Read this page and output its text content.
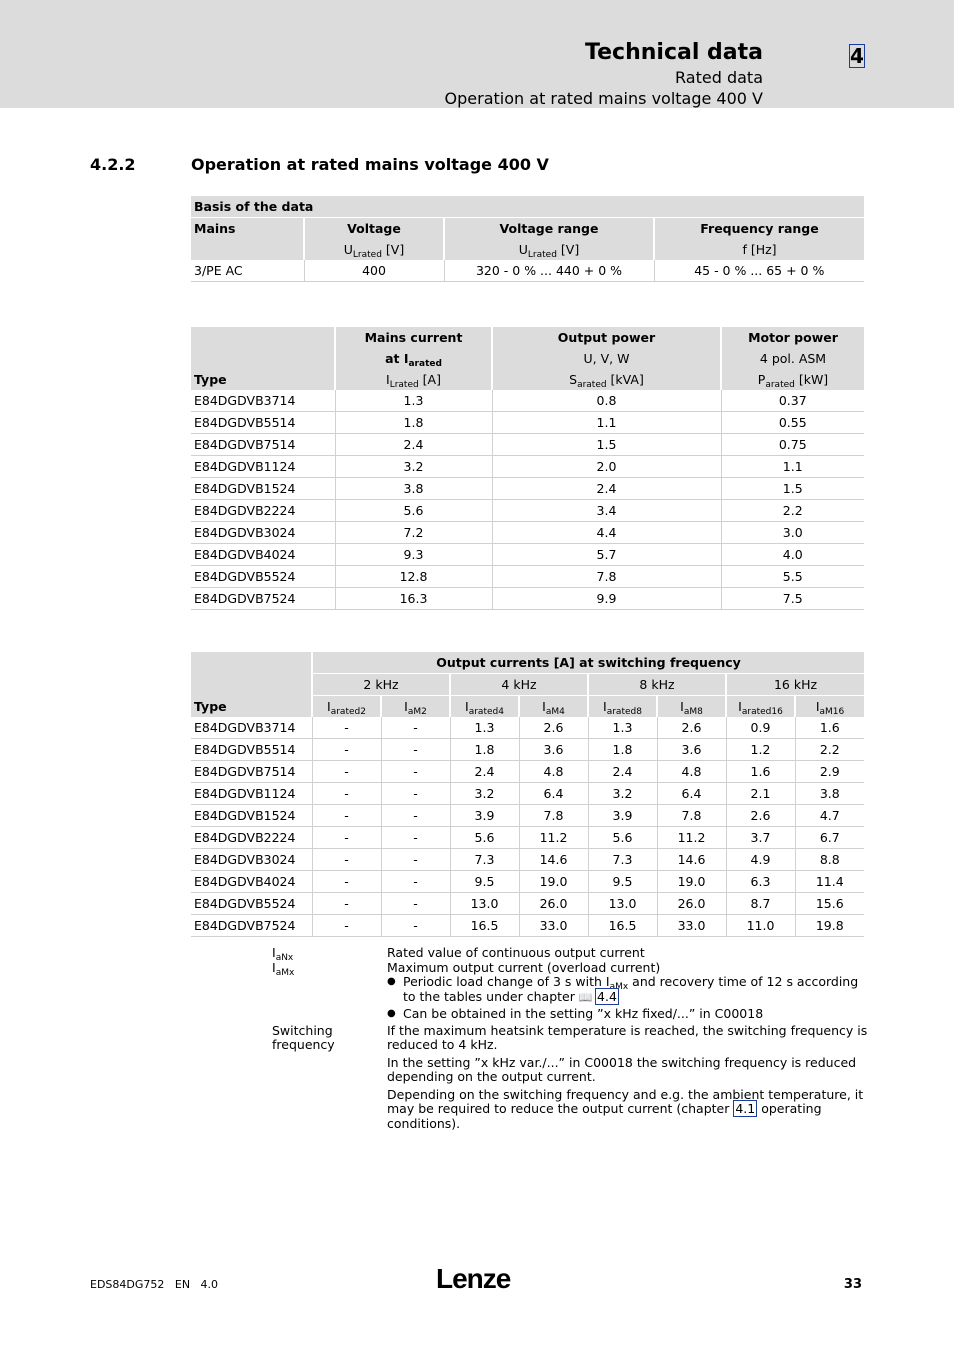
Technical data	4
Rated data
Operation at rated mains voltage 400 V
4.2.2	Operation at rated mains voltage 400 V
Basis of the data			
Mains	Voltage	Voltage range	Frequency range
	$U_{Lrated}$ [V]	$U_{Lrated}$ [V]	f [Hz]
3/PE AC	400	320 - 0 % ... 440 + 0 %	45 - 0 % ... 65 + 0 %
	Mains current	Output power	Motor power
	at $I_{arated}$	U, V, W	4 pol. ASM
Type	$I_{Lrated}$ [A]	$S_{arated}$ [kVA]	$P_{arated}$ [kW]
E84DGDVB3714	1.3	0.8	0.37
E84DGDVB5514	1.8	1.1	0.55
E84DGDVB7514	2.4	1.5	0.75
E84DGDVB1124	3.2	2.0	1.1
E84DGDVB1524	3.8	2.4	1.5
E84DGDVB2224	5.6	3.4	2.2
E84DGDVB3024	7.2	4.4	3.0
E84DGDVB4024	9.3	5.7	4.0
E84DGDVB5524	12.8	7.8	5.5
E84DGDVB7524	16.3	9.9	7.5
	Output currents [A] at switching frequency							
	2 kHz		4 kHz		8 kHz		16 kHz	
Type	$I_{arated2}$	$I_{aM2}$	$I_{arated4}$	$I_{aM4}$	$I_{arated8}$	$I_{aM8}$	$I_{arated16}$	$I_{aM16}$
E84DGDVB3714	-	-	1.3	2.6	1.3	2.6	0.9	1.6
E84DGDVB5514	-	-	1.8	3.6	1.8	3.6	1.2	2.2
E84DGDVB7514	-	-	2.4	4.8	2.4	4.8	1.6	2.9
E84DGDVB1124	-	-	3.2	6.4	3.2	6.4	2.1	3.8
E84DGDVB1524	-	-	3.9	7.8	3.9	7.8	2.6	4.7
E84DGDVB2224	-	-	5.6	11.2	5.6	11.2	3.7	6.7
E84DGDVB3024	-	-	7.3	14.6	7.3	14.6	4.9	8.8
E84DGDVB4024	-	-	9.5	19.0	9.5	19.0	6.3	11.4
E84DGDVB5524	-	-	13.0	26.0	13.0	26.0	8.7	15.6
E84DGDVB7524	-	-	16.5	33.0	16.5	33.0	11.0	19.8
$I_{aNx}$	Rated value of continuous output current
$I_{aMx}$	Maximum output current (overload current)
● Periodic load change of 3 s with $I_{aMx}$ and recovery time of 12 s according to the tables under chapter 📖  4.4
● Can be obtained in the setting ”x kHz fixed/...” in C00018
Switching frequency
If the maximum heatsink temperature is reached, the switching frequency is reduced to 4 kHz.
In the setting ”x kHz var./...” in C00018 the switching frequency is reduced depending on the output current.
Depending on the switching frequency and e.g. the ambient temperature, it may be required to reduce the output current (chapter 4.1 operating conditions).
EDS84DG752   EN   4.0	Lenze	33
